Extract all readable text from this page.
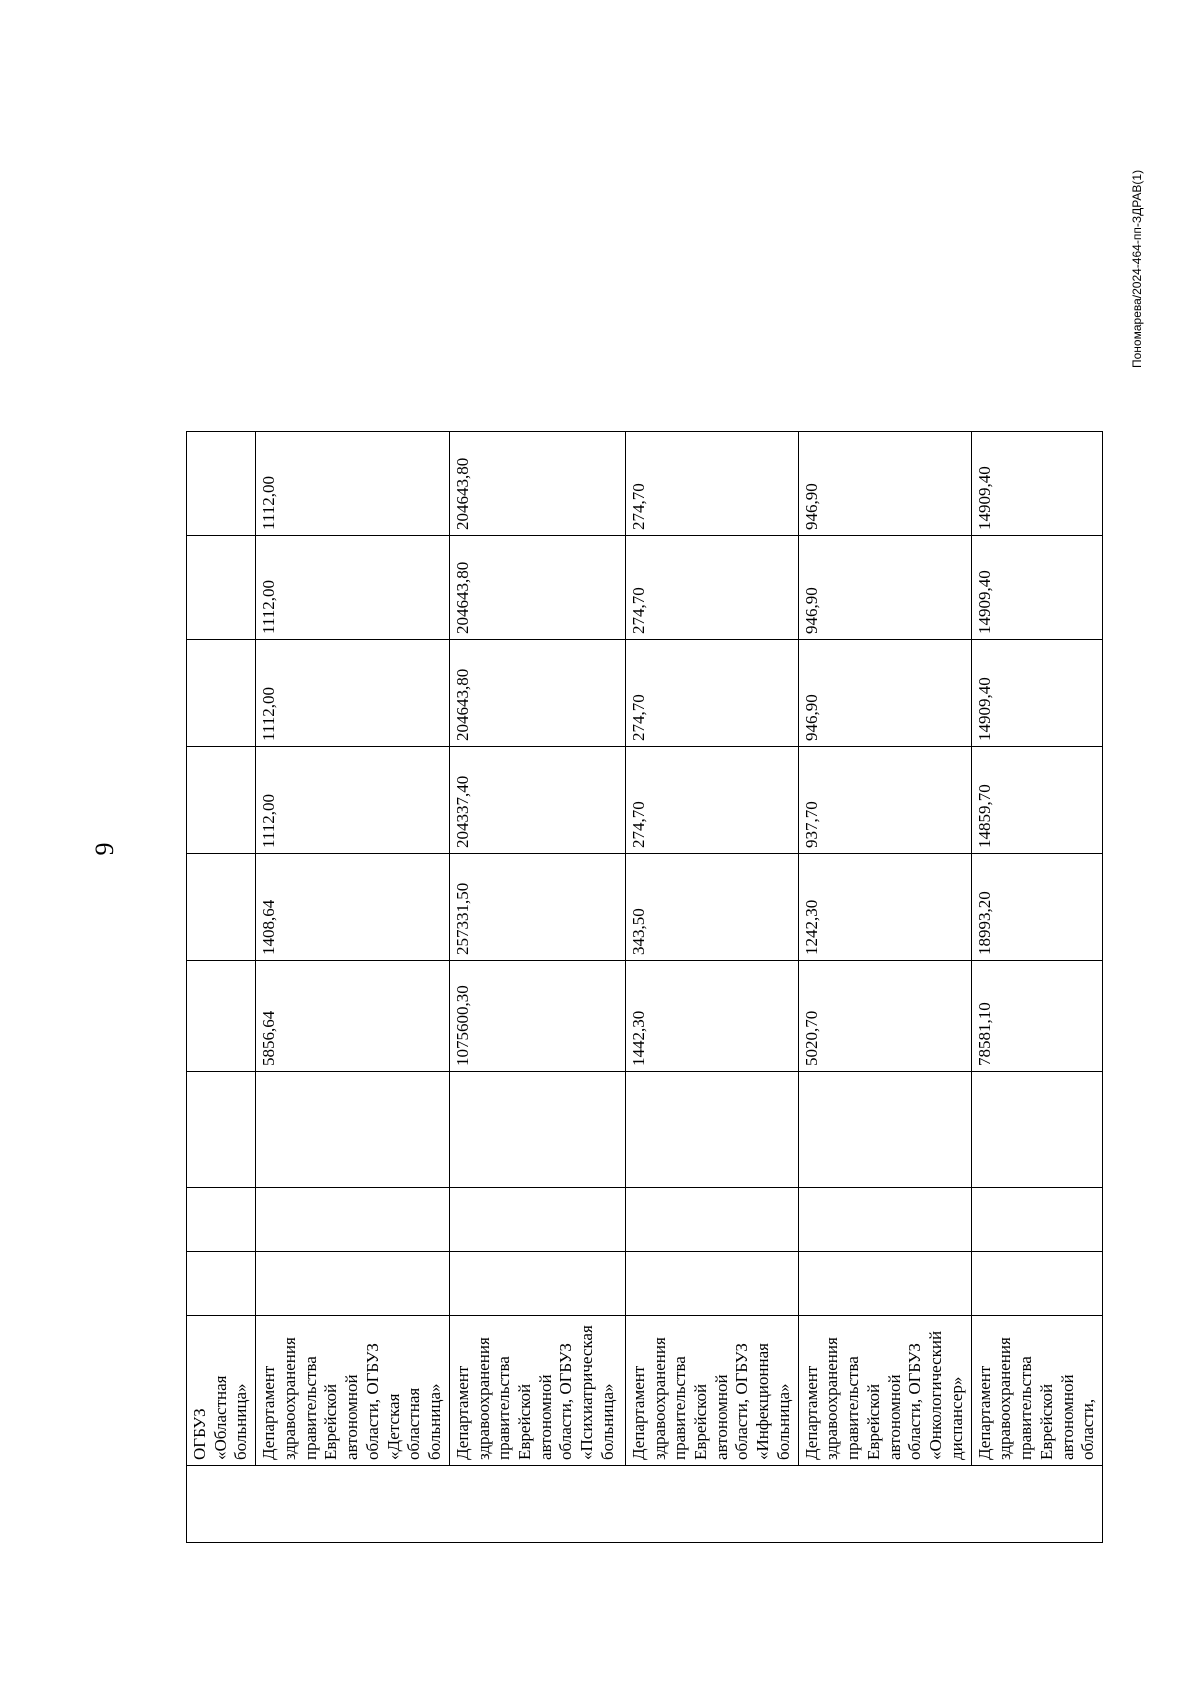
9
	ОГБУЗ «Областная больница»									
	Департамент здравоохранения правительства Еврейской автономной области, ОГБУЗ «Детская областная больница»				5856,64	1408,64	1112,00	1112,00	1112,00	1112,00
	Департамент здравоохранения правительства Еврейской автономной области, ОГБУЗ «Психиатрическая больница»				1075600,30	257331,50	204337,40	204643,80	204643,80	204643,80
	Департамент здравоохранения правительства Еврейской автономной области, ОГБУЗ «Инфекционная больница»				1442,30	343,50	274,70	274,70	274,70	274,70
	Департамент здравоохранения правительства Еврейской автономной области, ОГБУЗ «Онкологический диспансер»				5020,70	1242,30	937,70	946,90	946,90	946,90
	Департамент здравоохранения правительства Еврейской автономной области,				78581,10	18993,20	14859,70	14909,40	14909,40	14909,40
Пономарева/2024-464-пп-ЗДРАВ(1)
